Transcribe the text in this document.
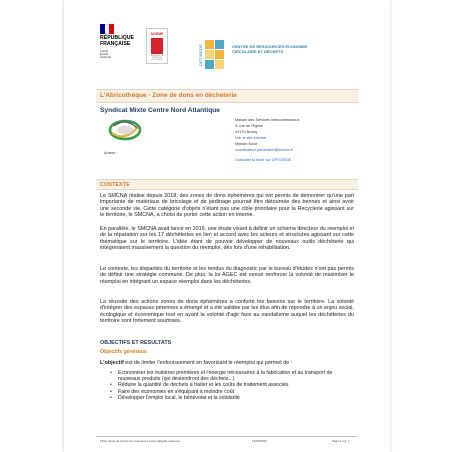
RÉPUBLIQUE
FRANÇAISE
Liberté
Égalité
Fraternité
ADEME
AGENCE DE LA TRANSITION ÉCOLOGIQUE	OPTIGEDE	CENTRE DE RESSOURCES ÉCONOMIE
CIRCULAIRE ET DÉCHETS
L'Abricothèque - Zone de dons en déchèterie
Syndicat Mixte Centre Nord Atlantique
Auteur :
Maison des Services Intercommunaux
9, rue de l'Eglise
44170 Nozay
Voir le site internet
Myriam Nicot
coordination.prevention@smcna.fr
Consulter la fiche sur OPTIGEDE
CONTEXTE
Le SMCNA réalise depuis 2018, des zones de dons éphémères qui ont permis de démontrer qu'une part importante de matériaux de bricolage et de jardinage pourrait être détournée des bennes et ainsi avoir une seconde vie. Cette catégorie d'objets n'étant pas une cible prioritaire pour la Recyclerie agissant sur le territoire, le SMCNA, a choisi de porter cette action en interne.
En parallèle, le SMCNA avait lancé en 2019, une étude visant à définir un schéma directeur du réemploi et de la réparation sur les 17 déchèteries en lien et accord avec les acteurs et structures agissant sur cette thématique sur le territoire. L'idée étant de pouvoir développer de nouveaux outils déchèterie qui intégreraient massivement la question du réemploi, dès lors d'une réhabilitation.
Le contexte, les disparités du territoire et les rendus du diagnostic par le bureau d'études n'ont pas permis de définir une stratégie commune. De plus, la loi AGEC est venue renforcer la volonté de maximiser le réemploi en intégrant un espace réemploi dans les déchèteries.
La réussite des actions zones de dons éphémères a conforté les besoins sur le territoire. La volonté d'intégrer des espaces pérennes a émergé et a été validée par les élus afin de répondre à un enjeu social, écologique et économique tout en ayant la volonté d'agir face au vandalisme auquel les déchèteries du territoire sont fortement soumises.
OBJECTIFS ET RESULTATS
Objectifs généraux
L'objectif est de limiter l'enfouissement en favorisant le réemploi qui permet de :
• Economiser les matières premières et l'énergie nécessaires à la fabrication et au transport de nouveaux produits (qui deviendront des déchets...)
• Réduire la quantité de déchets à traiter et les coûts de traitement associés
• Faire des économies en s'équipant à moindre coût
• Développer l'emploi local, le bénévolat et la solidarité
Fiche issue du centre de ressources www.optigede.ademe.fr	16/06/2024	Page 1 sur 7
